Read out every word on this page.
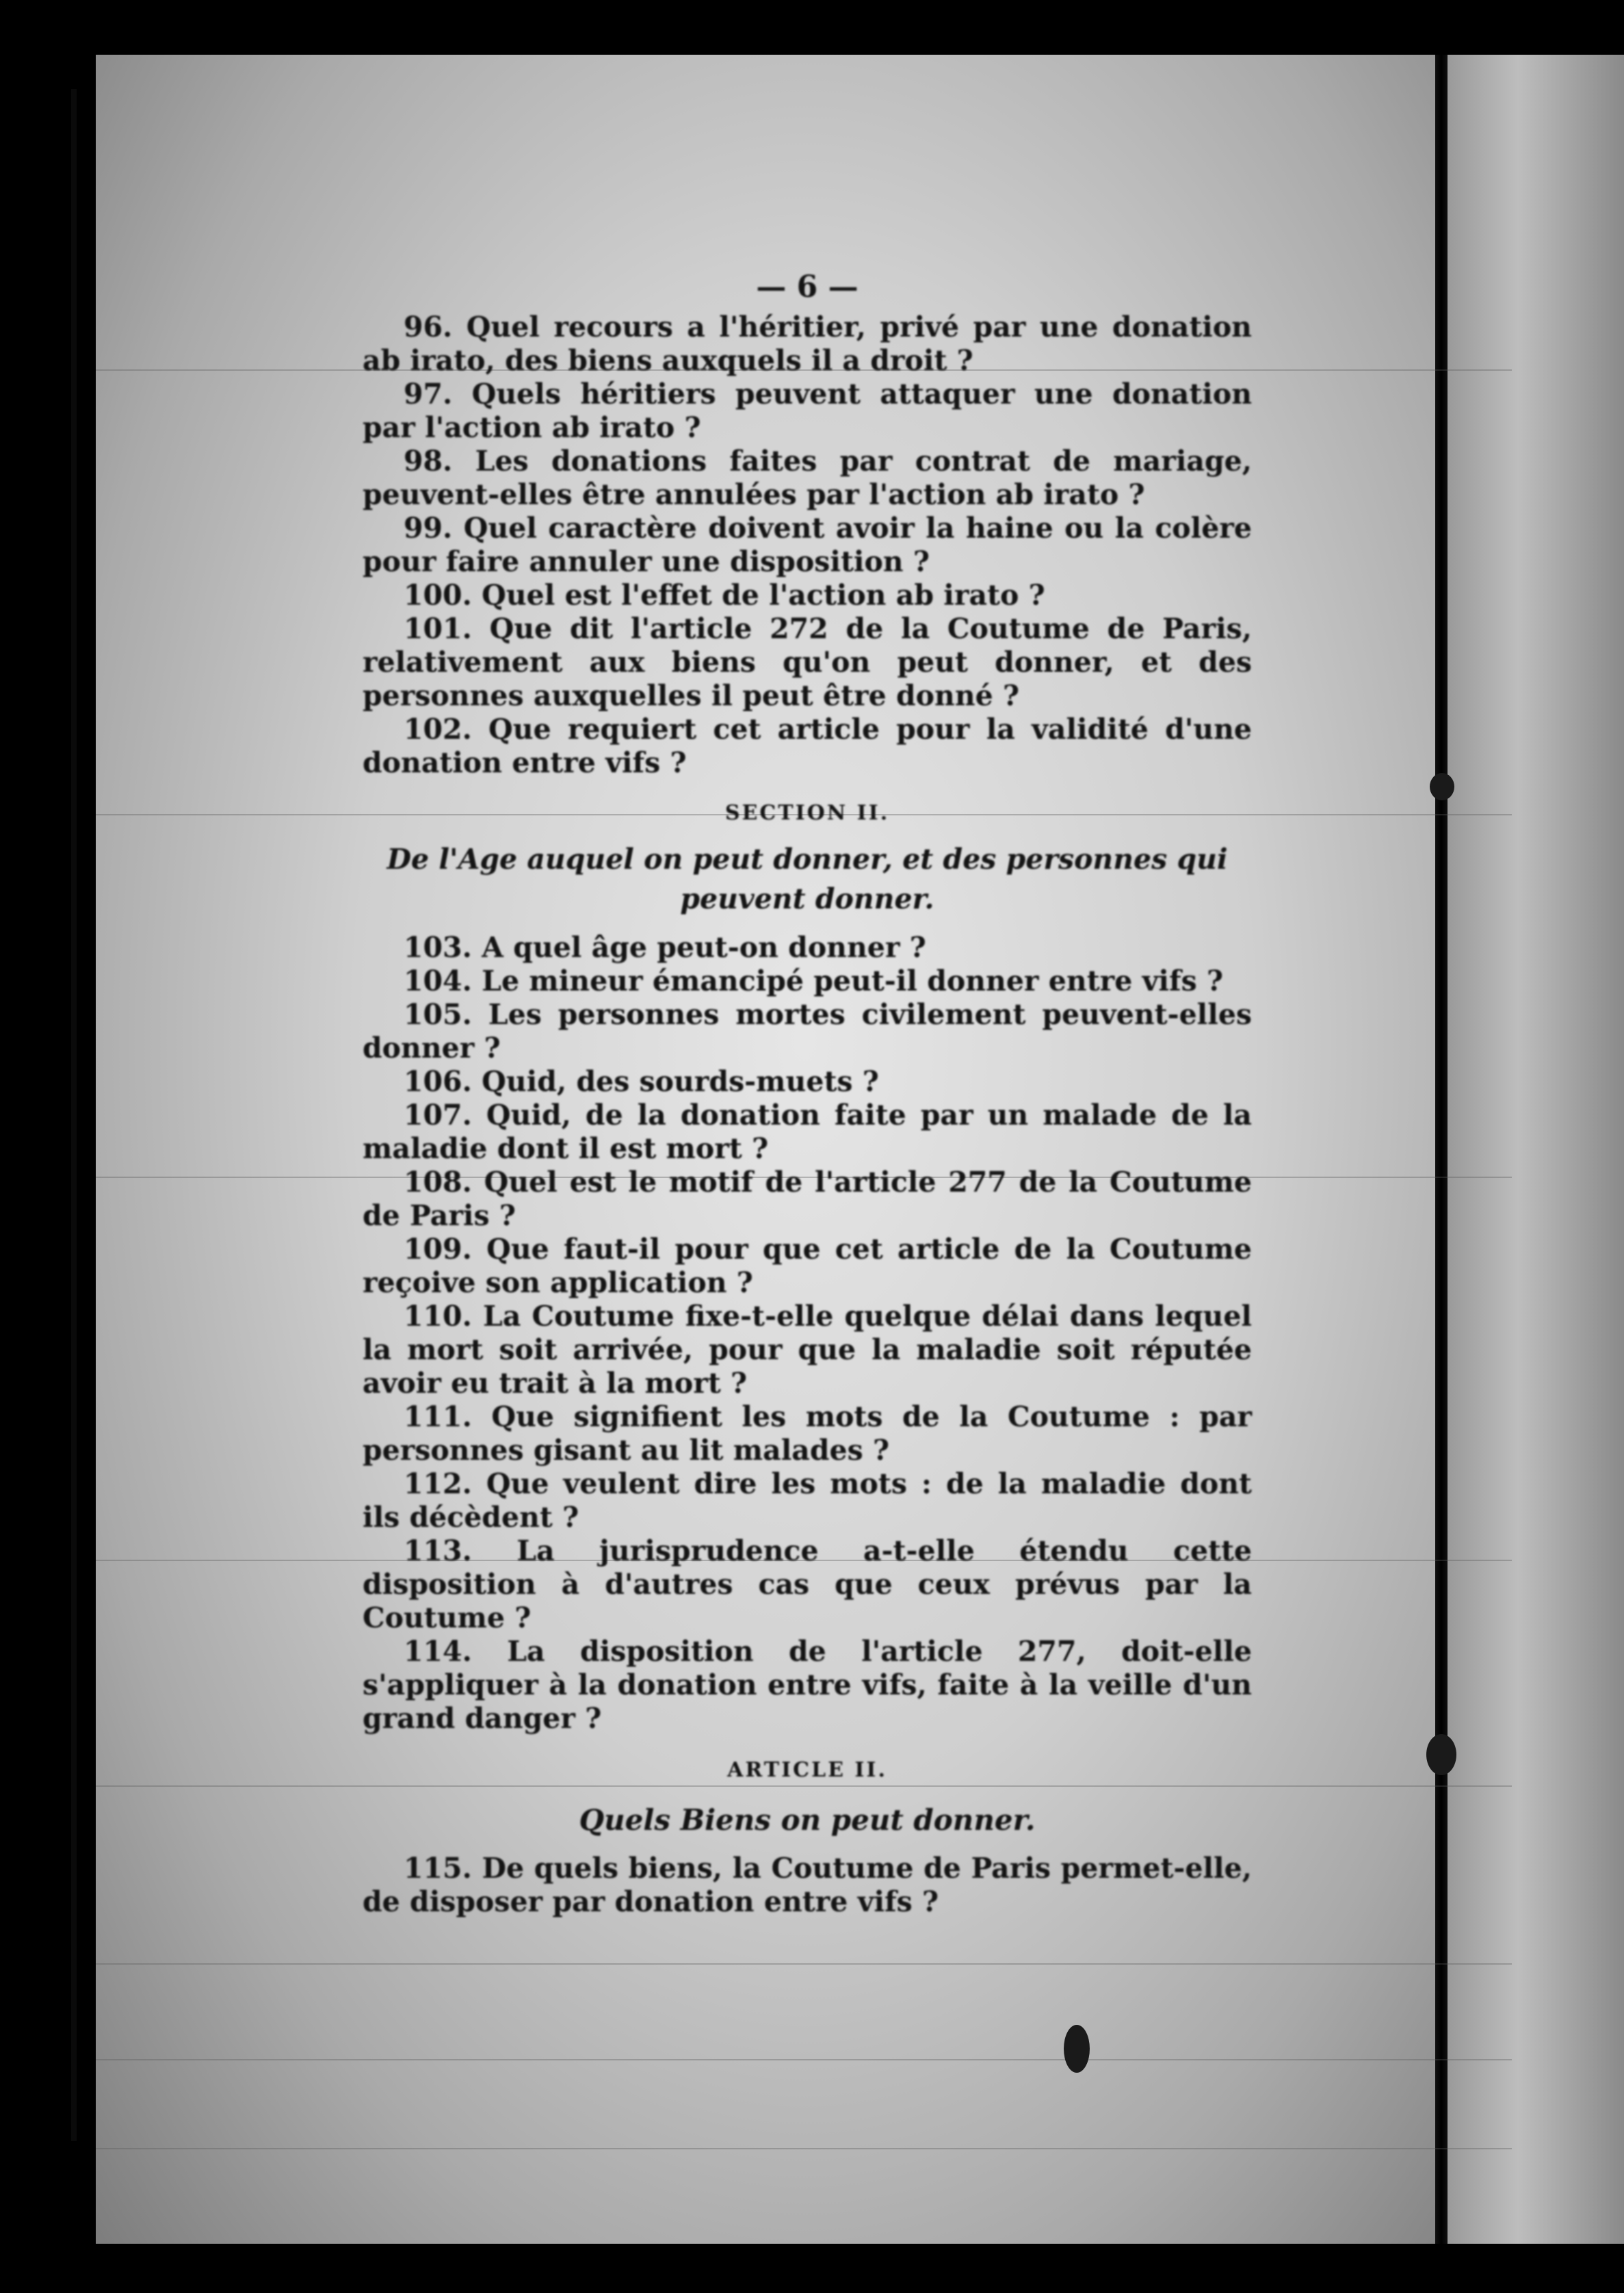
— 6 —

96. Quel recours a l'héritier, privé par une donation ab irato, des biens auxquels il a droit ?

97. Quels héritiers peuvent attaquer une donation par l'action ab irato ?

98. Les donations faites par contrat de mariage, peuvent-elles être annulées par l'action ab irato ?

99. Quel caractère doivent avoir la haine ou la colère pour faire annuler une disposition ?

100. Quel est l'effet de l'action ab irato ?

101. Que dit l'article 272 de la Coutume de Paris, relativement aux biens qu'on peut donner, et des personnes auxquelles il peut être donné ?

102. Que requiert cet article pour la validité d'une donation entre vifs ?

SECTION II.
De l'Age auquel on peut donner, et des personnes qui peuvent donner.

103. A quel âge peut-on donner ?

104. Le mineur émancipé peut-il donner entre vifs ?

105. Les personnes mortes civilement peuvent-elles donner ?

106. Quid, des sourds-muets ?

107. Quid, de la donation faite par un malade de la maladie dont il est mort ?

108. Quel est le motif de l'article 277 de la Coutume de Paris ?

109. Que faut-il pour que cet article de la Coutume reçoive son application ?

110. La Coutume fixe-t-elle quelque délai dans lequel la mort soit arrivée, pour que la maladie soit réputée avoir eu trait à la mort ?

111. Que signifient les mots de la Coutume : par personnes gisant au lit malades ?

112. Que veulent dire les mots : de la maladie dont ils décèdent ?

113. La jurisprudence a-t-elle étendu cette disposition à d'autres cas que ceux prévus par la Coutume ?

114. La disposition de l'article 277, doit-elle s'appliquer à la donation entre vifs, faite à la veille d'un grand danger ?

ARTICLE II.
Quels Biens on peut donner.

115. De quels biens, la Coutume de Paris permet-elle, de disposer par donation entre vifs ?
